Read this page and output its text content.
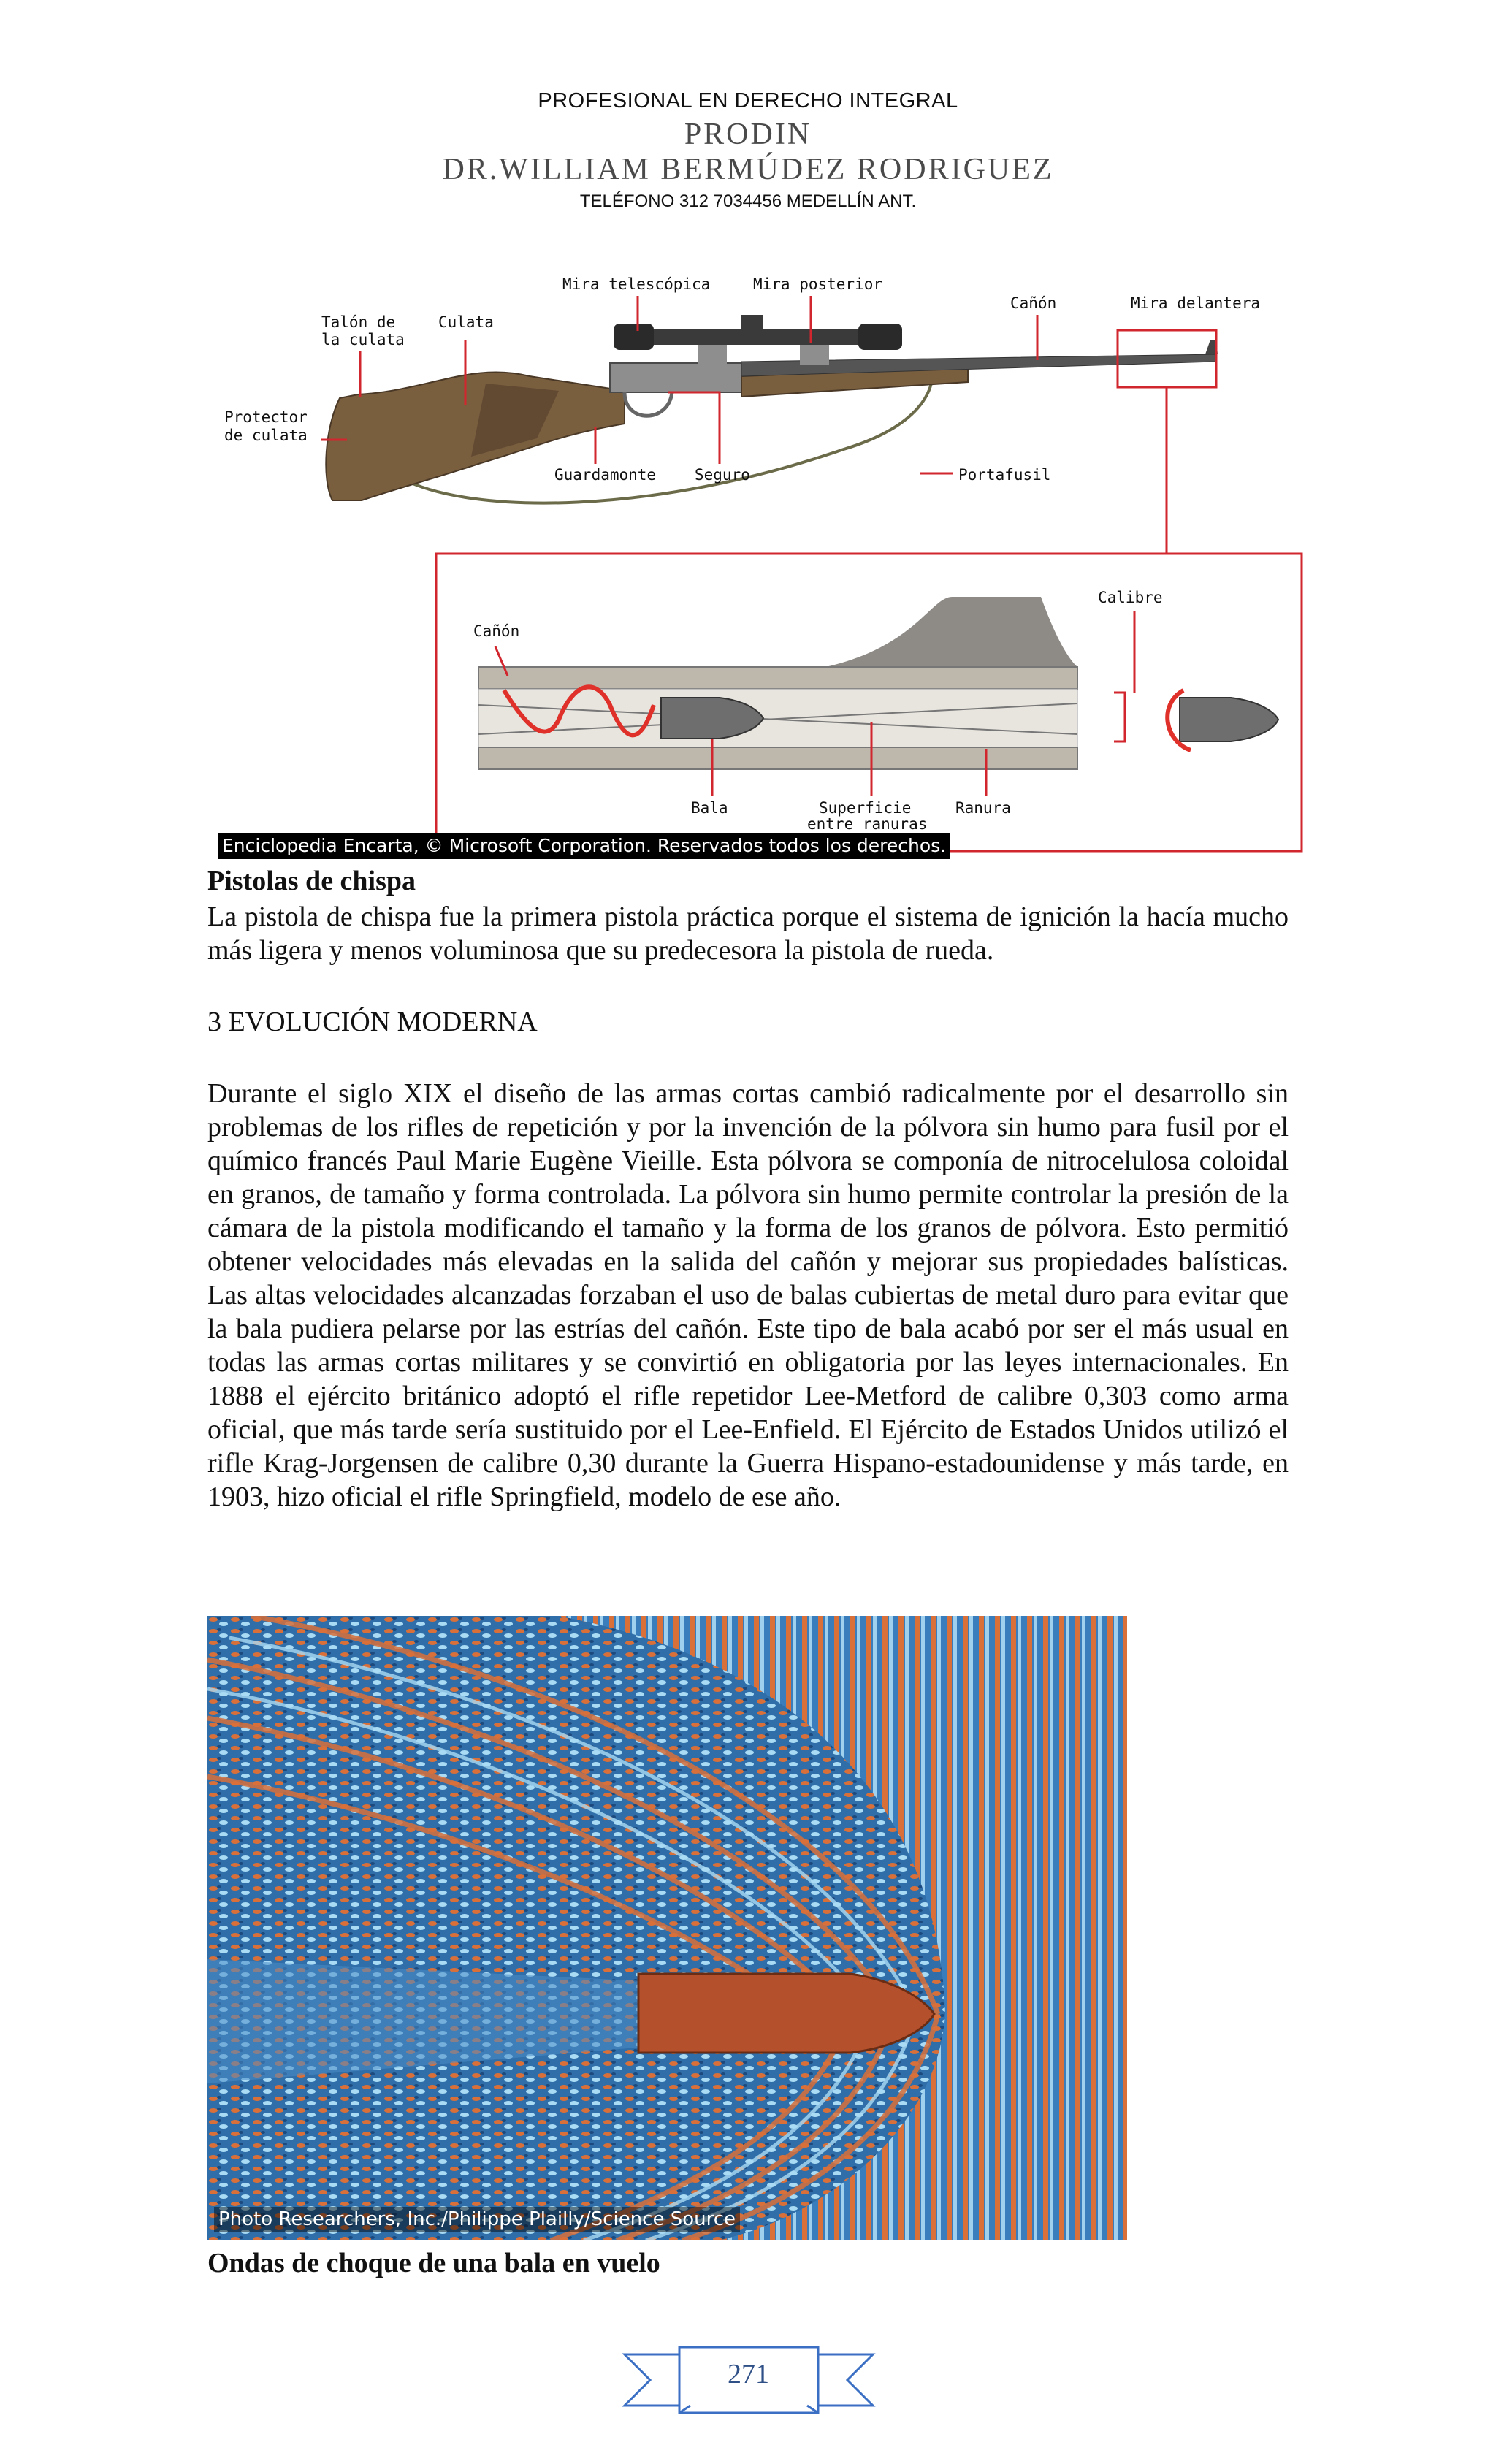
PROFESIONAL EN DERECHO INTEGRAL
PRODIN
DR.WILLIAM BERMÚDEZ RODRIGUEZ
TELÉFONO 312 7034456 MEDELLÍN ANT.
Mira telescópica	Mira posterior
Cañón	Mira delantera
Talón de
la culata
Culata
Protector
de culata
Guardamonte	Seguro	Portafusil
Calibre
Cañón
Bala	Superficie
entre ranuras
Ranura
Enciclopedia Encarta, © Microsoft Corporation. Reservados todos los derechos.
Pistolas de chispa
La pistola de chispa fue la primera pistola práctica porque el sistema de ignición la hacía mucho más ligera y menos voluminosa que su predecesora la pistola de rueda.
3 EVOLUCIÓN MODERNA
Durante el siglo XIX el diseño de las armas cortas cambió radicalmente por el desarrollo sin problemas de los rifles de repetición y por la invención de la pólvora sin humo para fusil por el químico francés Paul Marie Eugène Vieille. Esta pólvora se componía de nitrocelulosa coloidal en granos, de tamaño y forma controlada. La pólvora sin humo permite controlar la presión de la cámara de la pistola modificando el tamaño y la forma de los granos de pólvora. Esto permitió obtener velocidades más elevadas en la salida del cañón y mejorar sus propiedades balísticas. Las altas velocidades alcanzadas forzaban el uso de balas cubiertas de metal duro para evitar que la bala pudiera pelarse por las estrías del cañón. Este tipo de bala acabó por ser el más usual en todas las armas cortas militares y se convirtió en obligatoria por las leyes internacionales. En 1888 el ejército británico adoptó el rifle repetidor Lee-Metford de calibre 0,303 como arma oficial, que más tarde sería sustituido por el Lee-Enfield. El Ejército de Estados Unidos utilizó el rifle Krag-Jorgensen de calibre 0,30 durante la Guerra Hispano-estadounidense y más tarde, en 1903, hizo oficial el rifle Springfield, modelo de ese año.
Photo Researchers, Inc./Philippe Plailly/Science Source
Ondas de choque de una bala en vuelo
271
